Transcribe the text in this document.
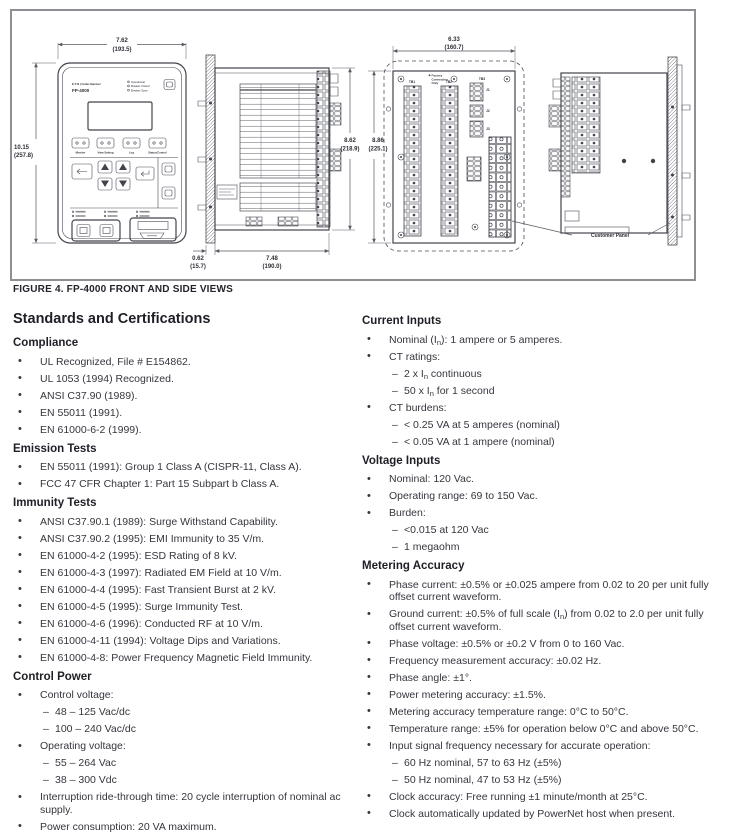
7.62
(193.5)
10.15
(257.8)
E:T·N | Cutler-Hammer
FP-4000
Operational
Breaker Closed
Breaker Open
Monitor	View Setting	Log	Status/Control
8.62
(218.9)
7.48
(190.0)
0.62
(15.7)
6.33
(160.7)
8.86
(225.1)
TB1	TB2
Factory
Connection
Only
TB3
J1
J2
J3
Customer Panel
FIGURE 4. FP-4000 FRONT AND SIDE VIEWS
Standards and Certifications
Compliance
• UL Recognized, File # E154862.
• UL 1053 (1994) Recognized.
• ANSI C37.90 (1989).
• EN 55011 (1991).
• EN 61000-6-2 (1999).
Emission Tests
• EN 55011 (1991): Group 1 Class A (CISPR-11, Class A).
• FCC 47 CFR Chapter 1: Part 15 Subpart b Class A.
Immunity Tests
• ANSI C37.90.1 (1989): Surge Withstand Capability.
• ANSI C37.90.2 (1995): EMI Immunity to 35 V/m.
• EN 61000-4-2 (1995): ESD Rating of 8 kV.
• EN 61000-4-3 (1997): Radiated EM Field at 10 V/m.
• EN 61000-4-4 (1995): Fast Transient Burst at 2 kV.
• EN 61000-4-5 (1995): Surge Immunity Test.
• EN 61000-4-6 (1996): Conducted RF at 10 V/m.
• EN 61000-4-11 (1994): Voltage Dips and Variations.
• EN 61000-4-8: Power Frequency Magnetic Field Immunity.
Control Power
• Control voltage:
– 48 – 125 Vac/dc
– 100 – 240 Vac/dc
• Operating voltage:
– 55 – 264 Vac
– 38 – 300 Vdc
• Interruption ride-through time: 20 cycle interruption of nominal ac supply.
• Power consumption: 20 VA maximum.
Current Inputs
• Nominal $(I_n)$: 1 ampere or 5 amperes.
• CT ratings:
– 2 x $I_n$ continuous
– 50 x $I_n$ for 1 second
• CT burdens:
– < 0.25 VA at 5 amperes (nominal)
– < 0.05 VA at 1 ampere (nominal)
Voltage Inputs
• Nominal: 120 Vac.
• Operating range: 69 to 150 Vac.
• Burden:
– <0.015 at 120 Vac
– 1 megaohm
Metering Accuracy
• Phase current: ±0.5% or ±0.025 ampere from 0.02 to 20 per unit fully offset current waveform.
• Ground current: ±0.5% of full scale $(I_n)$ from 0.02 to 2.0 per unit fully offset current waveform.
• Phase voltage: ±0.5% or ±0.2 V from 0 to 160 Vac.
• Frequency measurement accuracy: ±0.02 Hz.
• Phase angle: ±1°.
• Power metering accuracy: ±1.5%.
• Metering accuracy temperature range: 0°C to 50°C.
• Temperature range: ±5% for operation below 0°C and above 50°C.
• Input signal frequency necessary for accurate operation:
– 60 Hz nominal, 57 to 63 Hz (±5%)
– 50 Hz nominal, 47 to 53 Hz (±5%)
• Clock accuracy: Free running ±1 minute/month at 25°C.
• Clock automatically updated by PowerNet host when present.
